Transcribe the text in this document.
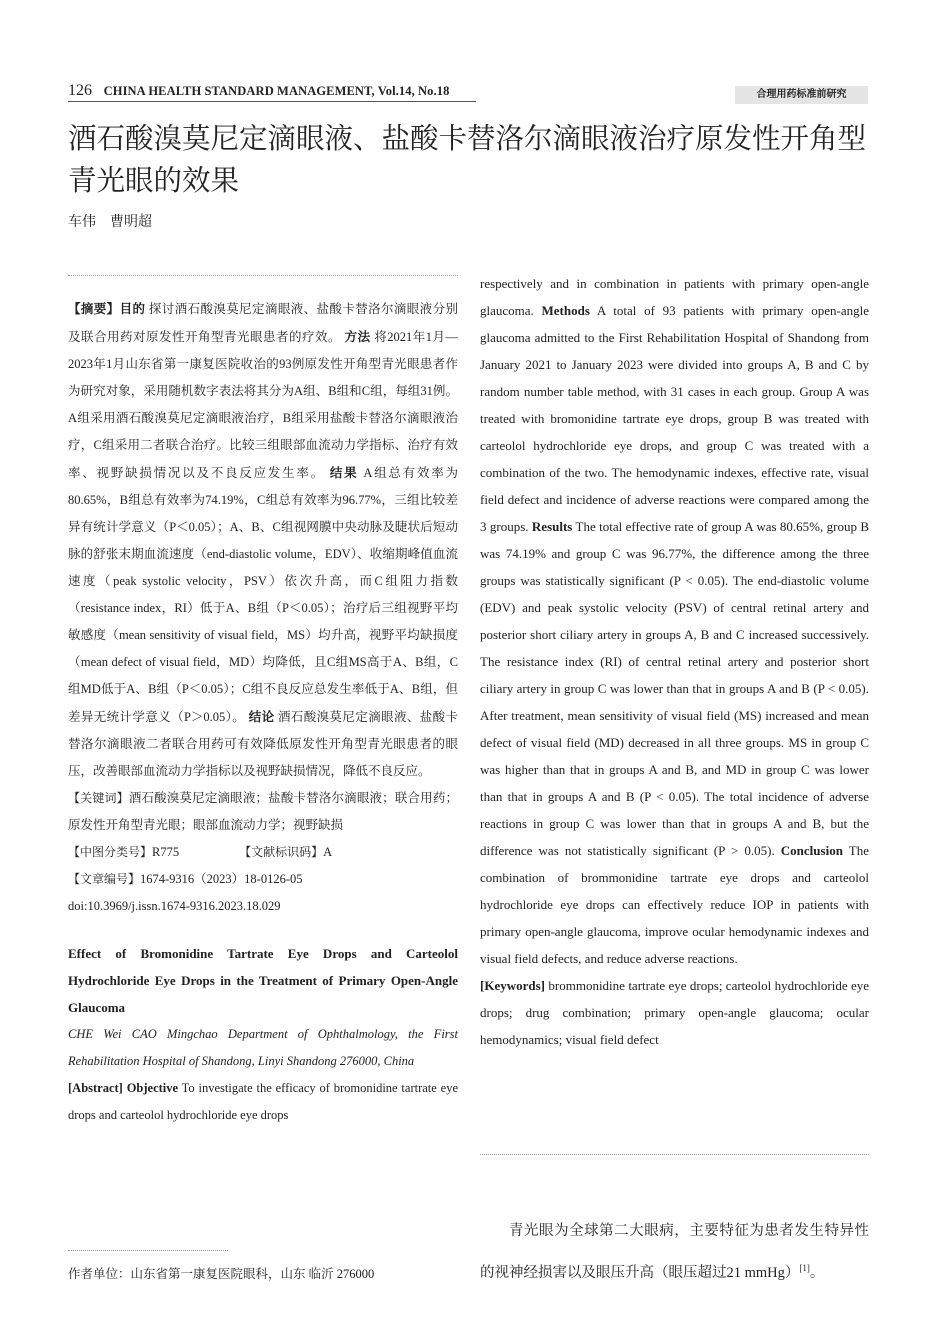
126 CHINA HEALTH STANDARD MANAGEMENT, Vol.14, No.18	合理用药标准前研究
酒石酸溴莫尼定滴眼液、盐酸卡替洛尔滴眼液治疗原发性开角型青光眼的效果
车伟　曹明超

【摘要】目的 探讨酒石酸溴莫尼定滴眼液、盐酸卡替洛尔滴眼液分别及联合用药对原发性开角型青光眼患者的疗效。 方法 将2021年1月—2023年1月山东省第一康复医院收治的93例原发性开角型青光眼患者作为研究对象，采用随机数字表法将其分为A组、B组和C组，每组31例。A组采用酒石酸溴莫尼定滴眼液治疗，B组采用盐酸卡替洛尔滴眼液治疗，C组采用二者联合治疗。比较三组眼部血流动力学指标、治疗有效率、视野缺损情况以及不良反应发生率。 结果 A组总有效率为80.65%，B组总有效率为74.19%，C组总有效率为96.77%，三组比较差异有统计学意义（P＜0.05）；A、B、C组视网膜中央动脉及睫状后短动脉的舒张末期血流速度（end-diastolic volume，EDV）、收缩期峰值血流速度（peak systolic velocity，PSV）依次升高，而C组阻力指数（resistance index，RI）低于A、B组（P＜0.05）；治疗后三组视野平均敏感度（mean sensitivity of visual field，MS）均升高，视野平均缺损度（mean defect of visual field，MD）均降低，且C组MS高于A、B组，C组MD低于A、B组（P＜0.05）；C组不良反应总发生率低于A、B组，但差异无统计学意义（P＞0.05）。 结论 酒石酸溴莫尼定滴眼液、盐酸卡替洛尔滴眼液二者联合用药可有效降低原发性开角型青光眼患者的眼压，改善眼部血流动力学指标以及视野缺损情况，降低不良反应。

【关键词】酒石酸溴莫尼定滴眼液；盐酸卡替洛尔滴眼液；联合用药；原发性开角型青光眼；眼部血流动力学；视野缺损

【中图分类号】R775	【文献标识码】A

【文章编号】1674-9316（2023）18-0126-05

doi:10.3969/j.issn.1674-9316.2023.18.029

Effect of Bromonidine Tartrate Eye Drops and Carteolol Hydrochloride Eye Drops in the Treatment of Primary Open-Angle Glaucoma

CHE Wei CAO Mingchao Department of Ophthalmology, the First Rehabilitation Hospital of Shandong, Linyi Shandong 276000, China

[Abstract] Objective To investigate the efficacy of bromonidine tartrate eye drops and carteolol hydrochloride eye drops

作者单位：山东省第一康复医院眼科，山东 临沂 276000

respectively and in combination in patients with primary open-angle glaucoma. Methods A total of 93 patients with primary open-angle glaucoma admitted to the First Rehabilitation Hospital of Shandong from January 2021 to January 2023 were divided into groups A, B and C by random number table method, with 31 cases in each group. Group A was treated with bromonidine tartrate eye drops, group B was treated with carteolol hydrochloride eye drops, and group C was treated with a combination of the two. The hemodynamic indexes, effective rate, visual field defect and incidence of adverse reactions were compared among the 3 groups. Results The total effective rate of group A was 80.65%, group B was 74.19% and group C was 96.77%, the difference among the three groups was statistically significant (P < 0.05). The end-diastolic volume (EDV) and peak systolic velocity (PSV) of central retinal artery and posterior short ciliary artery in groups A, B and C increased successively. The resistance index (RI) of central retinal artery and posterior short ciliary artery in group C was lower than that in groups A and B (P < 0.05). After treatment, mean sensitivity of visual field (MS) increased and mean defect of visual field (MD) decreased in all three groups. MS in group C was higher than that in groups A and B, and MD in group C was lower than that in groups A and B (P < 0.05). The total incidence of adverse reactions in group C was lower than that in groups A and B, but the difference was not statistically significant (P > 0.05). Conclusion The combination of brommonidine tartrate eye drops and carteolol hydrochloride eye drops can effectively reduce IOP in patients with primary open-angle glaucoma, improve ocular hemodynamic indexes and visual field defects, and reduce adverse reactions.

[Keywords] brommonidine tartrate eye drops; carteolol hydrochloride eye drops; drug combination; primary open-angle glaucoma; ocular hemodynamics; visual field defect

青光眼为全球第二大眼病，主要特征为患者发生特异性的视神经损害以及眼压升高（眼压超过21 mmHg）[1]。
